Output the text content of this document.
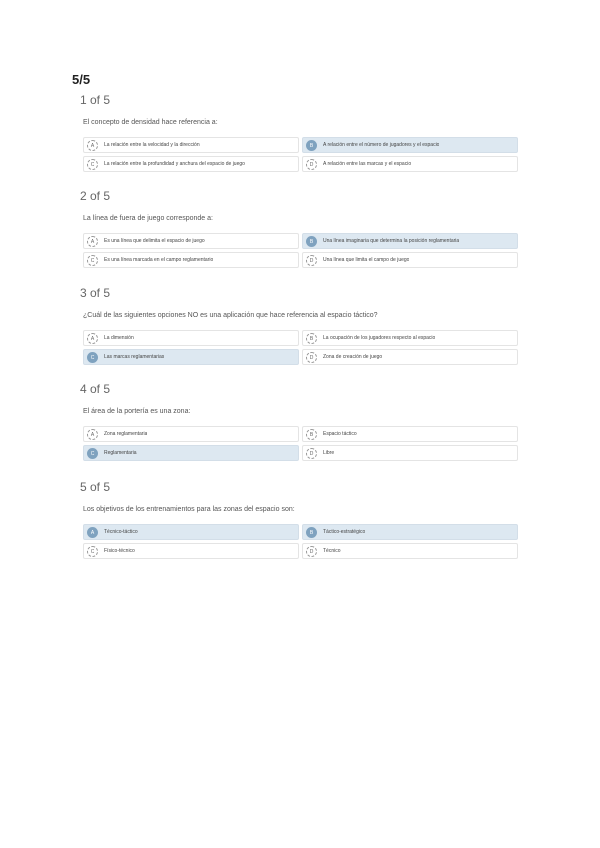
5/5

1 of 5

El concepto de densidad hace referencia a:

A	La relación entre la velocidad y la dirección	B	A relación entre el número de jugadores y el espacio
C	La relación entre la profundidad y anchura del espacio de juego	D	A relación entre las marcas y el espacio

2 of 5

La línea de fuera de juego corresponde a:

A	Es una línea que delimita el espacio de juego	B	Una línea imaginaria que determina la posición reglamentaria
C	Es una línea marcada en el campo reglamentario	D	Una línea que limita el campo de juego

3 of 5

¿Cuál de las siguientes opciones NO es una aplicación que hace referencia al espacio táctico?

A	La dimensión	B	La ocupación de los jugadores respecto al espacio
C	Las marcas reglamentarias	D	Zona de creación de juego

4 of 5

El área de la portería es una zona:

A	Zona reglamentaria	B	Espacio táctico
C	Reglamentaria	D	Libre

5 of 5

Los objetivos de los entrenamientos para las zonas del espacio son:

A	Técnico-táctico	B	Táctico-estratégico
C	Físico-técnico	D	Técnico
